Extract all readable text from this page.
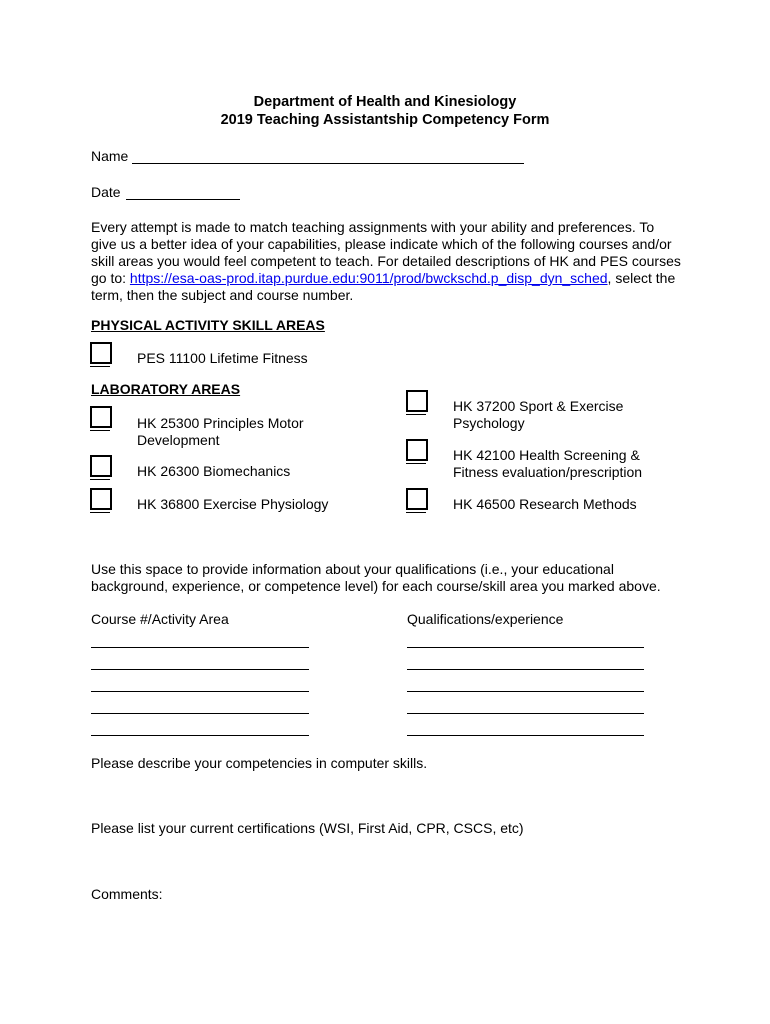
Department of Health and Kinesiology
2019 Teaching Assistantship Competency Form
Name
Date
Every attempt is made to match teaching assignments with your ability and preferences. To give us a better idea of your capabilities, please indicate which of the following courses and/or skill areas you would feel competent to teach. For detailed descriptions of HK and PES courses go to: https://esa-oas-prod.itap.purdue.edu:9011/prod/bwckschd.p_disp_dyn_sched, select the term, then the subject and course number.
PHYSICAL ACTIVITY SKILL AREAS
PES 11100 Lifetime Fitness
LABORATORY AREAS
HK 25300 Principles Motor Development
HK 26300 Biomechanics
HK 36800 Exercise Physiology
HK 37200 Sport & Exercise Psychology
HK 42100 Health Screening & Fitness evaluation/prescription
HK 46500 Research Methods
Use this space to provide information about your qualifications (i.e., your educational background, experience, or competence level) for each course/skill area you marked above.
Course #/Activity Area	Qualifications/experience
Please describe your competencies in computer skills.
Please list your current certifications (WSI, First Aid, CPR, CSCS, etc)
Comments:
